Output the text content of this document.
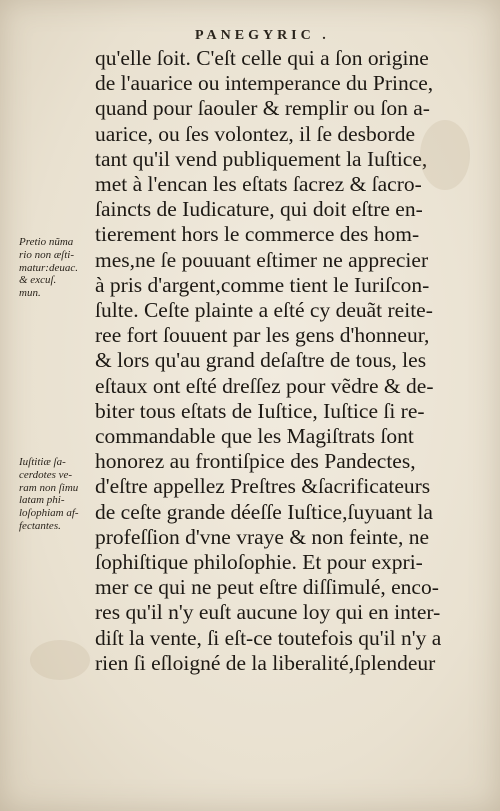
PANEGYRIC .
qu'elle ſoit. C'eſt celle qui a ſon origine
de l'auarice ou intemperance du Prince,
quand pour ſaouler & remplir ou ſon a-
uarice, ou ſes volontez, il ſe desborde
tant qu'il vend publiquement la Iuſtice,
met à l'encan les eſtats ſacrez & ſacro-
ſaincts de Iudicature, qui doit eſtre en-
tierement hors le commerce des hom-
mes,ne ſe pouuant eſtimer ne apprecier
à pris d'argent,comme tient le Iuriſcon-
ſulte. Ceſte plainte a eſté cy deuãt reite-
ree fort ſouuent par les gens d'honneur,
& lors qu'au grand deſaſtre de tous, les
eſtaux ont eſté dreſſez pour vẽdre & de-
biter tous eſtats de Iuſtice, Iuſtice ſi re-
commandable que les Magiſtrats ſont
honorez au frontiſpice des Pandectes,
d'eſtre appellez Preſtres &ſacrificateurs
de ceſte grande déeſſe Iuſtice,ſuyuant la
profeſſion d'vne vraye & non feinte, ne
ſophiſtique philoſophie. Et pour expri-
mer ce qui ne peut eſtre diſſimulé, enco-
res qu'il n'y euſt aucune loy qui en inter-
diſt la vente, ſi eſt-ce toutefois qu'il n'y a
rien ſi eſloigné de la liberalité,ſplendeur
Pretio nũma
rio non æſti-
matur:deuac.
& excuſ.
mun.
Iuſtitiæ ſa-
cerdotes ve-
ram non ſimu
latam phi-
loſophiam af-
fectantes.
